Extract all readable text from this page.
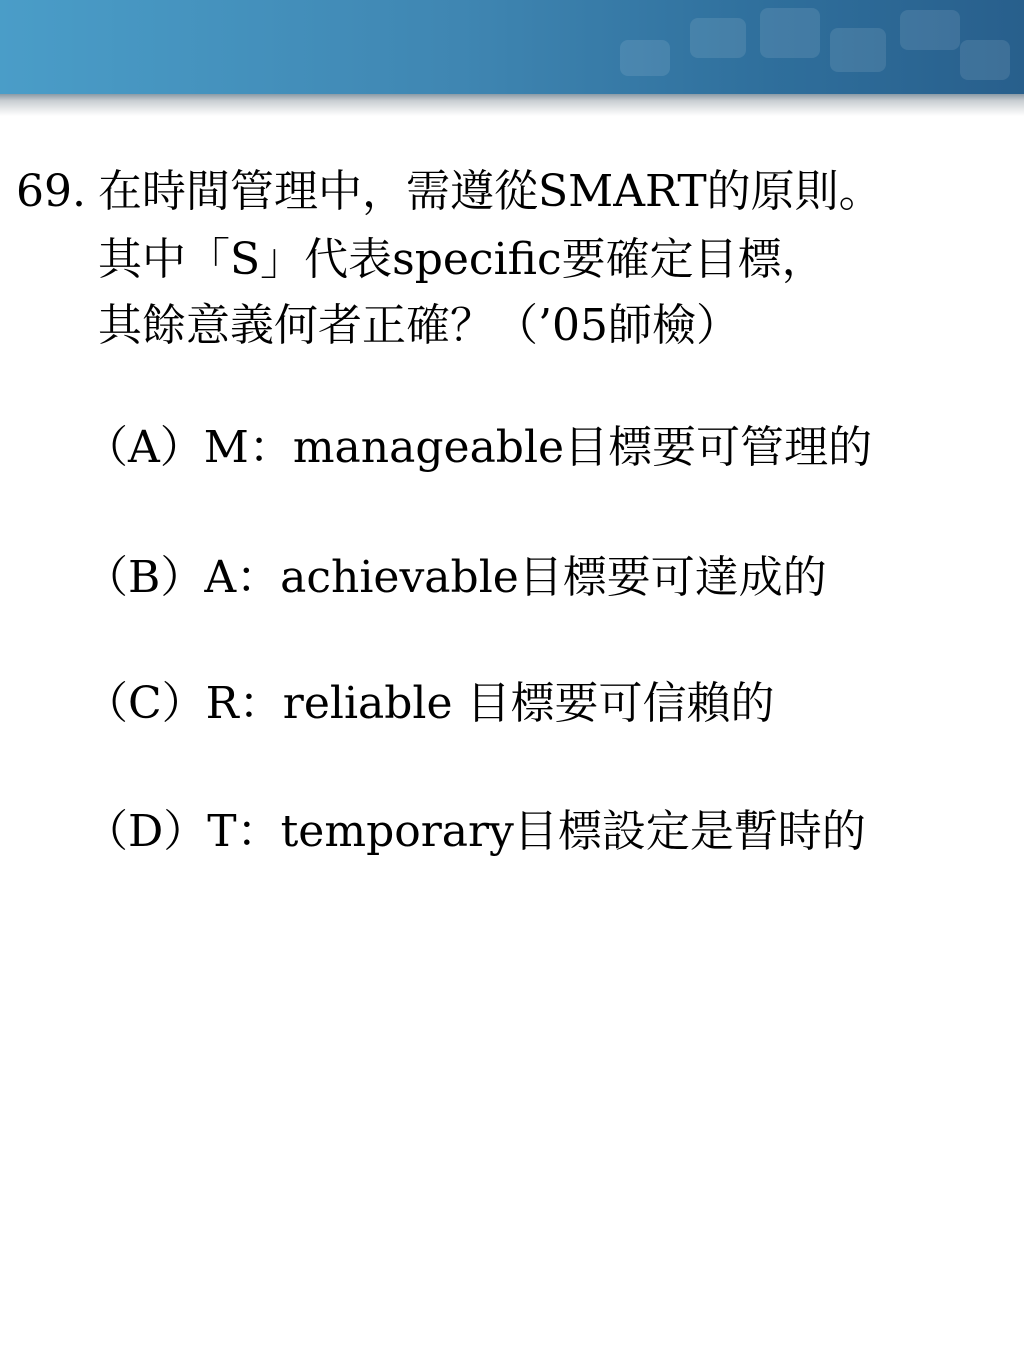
69. 在時間管理中，需遵從SMART的原則。
其中「S」代表specific要確定目標，
其餘意義何者正確？（’05師檢）
（A）M：manageable目標要可管理的
（B）A：achievable目標要可達成的
（C）R：reliable 目標要可信賴的
（D）T：temporary目標設定是暫時的
